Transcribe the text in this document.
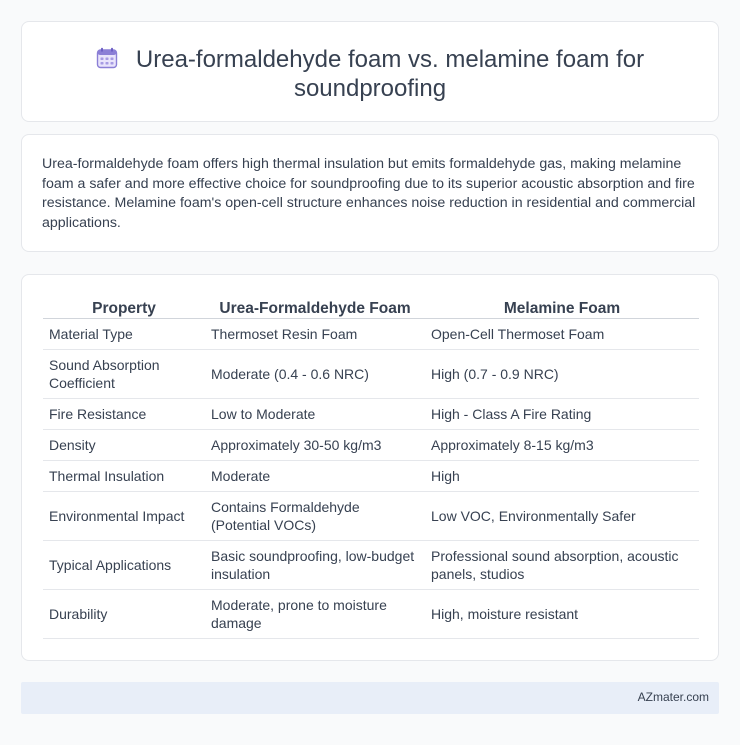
Urea-formaldehyde foam vs. melamine foam for soundproofing

Urea-formaldehyde foam offers high thermal insulation but emits formaldehyde gas, making melamine foam a safer and more effective choice for soundproofing due to its superior acoustic absorption and fire resistance. Melamine foam's open-cell structure enhances noise reduction in residential and commercial applications.

Property	Urea-Formaldehyde Foam	Melamine Foam
Material Type	Thermoset Resin Foam	Open-Cell Thermoset Foam
Sound Absorption Coefficient	Moderate (0.4 - 0.6 NRC)	High (0.7 - 0.9 NRC)
Fire Resistance	Low to Moderate	High - Class A Fire Rating
Density	Approximately 30-50 kg/m3	Approximately 8-15 kg/m3
Thermal Insulation	Moderate	High
Environmental Impact	Contains Formaldehyde (Potential VOCs)	Low VOC, Environmentally Safer
Typical Applications	Basic soundproofing, low-budget insulation	Professional sound absorption, acoustic panels, studios
Durability	Moderate, prone to moisture damage	High, moisture resistant
AZmater.com
